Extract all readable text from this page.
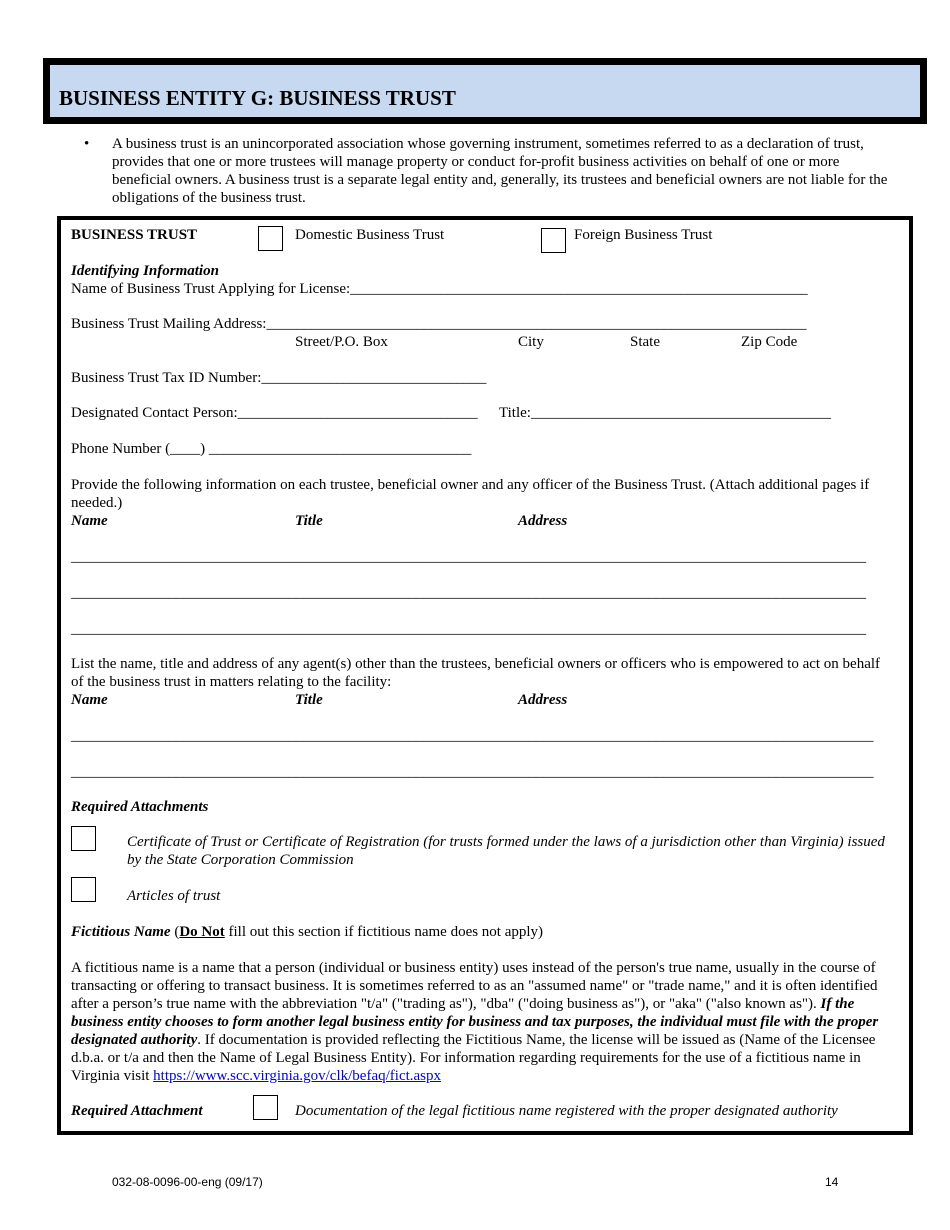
BUSINESS ENTITY G: BUSINESS TRUST
• A business trust is an unincorporated association whose governing instrument, sometimes referred to as a declaration of trust, provides that one or more trustees will manage property or conduct for-profit business activities on behalf of one or more beneficial owners. A business trust is a separate legal entity and, generally, its trustees and beneficial owners are not liable for the obligations of the business trust.
BUSINESS TRUST	Domestic Business Trust	Foreign Business Trust
Identifying Information
Name of Business Trust Applying for License:_____________________________________________________________
Business Trust Mailing Address:________________________________________________________________________
Street/P.O. Box	City	State	Zip Code
Business Trust Tax ID Number:______________________________
Designated Contact Person:________________________________ Title:________________________________________
Phone Number (____) ___________________________________
Provide the following information on each trustee, beneficial owner and any officer of the Business Trust. (Attach additional pages if needed.)
Name	Title	Address
__________________________________________________________________________________________________________
__________________________________________________________________________________________________________
__________________________________________________________________________________________________________
List the name, title and address of any agent(s) other than the trustees, beneficial owners or officers who is empowered to act on behalf of the business trust in matters relating to the facility:
Name	Title	Address
___________________________________________________________________________________________________________
___________________________________________________________________________________________________________
Required Attachments
Certificate of Trust or Certificate of Registration (for trusts formed under the laws of a jurisdiction other than Virginia) issued by the State Corporation Commission
Articles of trust
Fictitious Name (Do Not fill out this section if fictitious name does not apply)
A fictitious name is a name that a person (individual or business entity) uses instead of the person's true name, usually in the course of transacting or offering to transact business. It is sometimes referred to as an "assumed name" or "trade name," and it is often identified after a person’s true name with the abbreviation "t/a" ("trading as"), "dba" ("doing business as"), or "aka" ("also known as"). If the business entity chooses to form another legal business entity for business and tax purposes, the individual must file with the proper designated authority. If documentation is provided reflecting the Fictitious Name, the license will be issued as (Name of the Licensee d.b.a. or t/a and then the Name of Legal Business Entity). For information regarding requirements for the use of a fictitious name in Virginia visit https://www.scc.virginia.gov/clk/befaq/fict.aspx
Required Attachment	Documentation of the legal fictitious name registered with the proper designated authority
032-08-0096-00-eng (09/17)	14
